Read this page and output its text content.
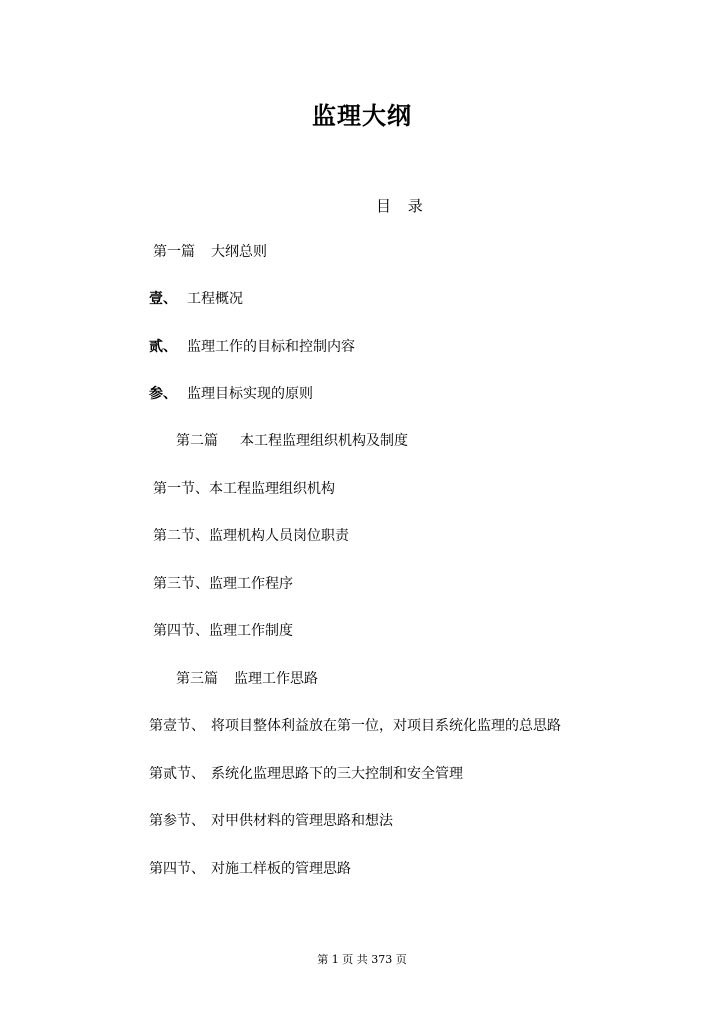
监理大纲
目 录
第一篇 大纲总则
壹、 工程概况
贰、 监理工作的目标和控制内容
参、 监理目标实现的原则
第二篇 本工程监理组织机构及制度
第一节、本工程监理组织机构
第二节、监理机构人员岗位职责
第三节、监理工作程序
第四节、监理工作制度
第三篇 监理工作思路
第壹节、 将项目整体利益放在第一位，对项目系统化监理的总思路
第贰节、 系统化监理思路下的三大控制和安全管理
第参节、 对甲供材料的管理思路和想法
第四节、 对施工样板的管理思路
第 1 页 共 373 页
